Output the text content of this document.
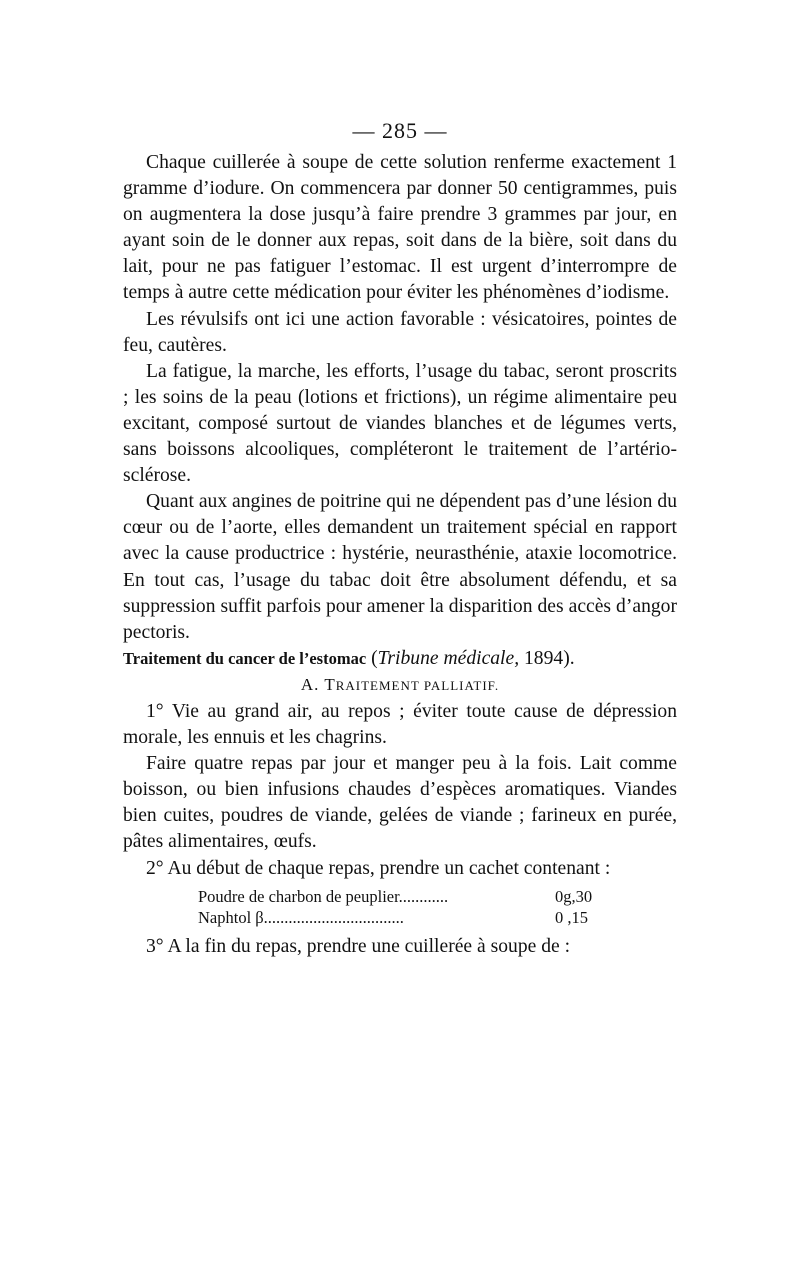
— 285 —

Chaque cuillerée à soupe de cette solution renferme exactement 1 gramme d’iodure. On commencera par donner 50 centigrammes, puis on augmentera la dose jusqu’à faire prendre 3 grammes par jour, en ayant soin de le donner aux repas, soit dans de la bière, soit dans du lait, pour ne pas fatiguer l’estomac. Il est urgent d’interrompre de temps à autre cette médication pour éviter les phénomènes d’iodisme.

Les révulsifs ont ici une action favorable : vésicatoires, pointes de feu, cautères.

La fatigue, la marche, les efforts, l’usage du tabac, seront proscrits ; les soins de la peau (lotions et frictions), un régime alimentaire peu excitant, composé surtout de viandes blanches et de légumes verts, sans boissons alcooliques, compléteront le traitement de l’artério-sclérose.

Quant aux angines de poitrine qui ne dépendent pas d’une lésion du cœur ou de l’aorte, elles demandent un traitement spécial en rapport avec la cause productrice : hystérie, neurasthénie, ataxie locomotrice. En tout cas, l’usage du tabac doit être absolument défendu, et sa suppression suffit parfois pour amener la disparition des accès d’angor pectoris.

Traitement du cancer de l’estomac (Tribune médicale, 1894).

A. TRAITEMENT PALLIATIF.

1° Vie au grand air, au repos ; éviter toute cause de dépression morale, les ennuis et les chagrins.

Faire quatre repas par jour et manger peu à la fois. Lait comme boisson, ou bien infusions chaudes d’espèces aromatiques. Viandes bien cuites, poudres de viande, gelées de viande ; farineux en purée, pâtes alimentaires, œufs.

2° Au début de chaque repas, prendre un cachet contenant :

Poudre de charbon de peuplier............	0g,30
Naphtol β..................................	0 ,15

3° A la fin du repas, prendre une cuillerée à soupe de :
